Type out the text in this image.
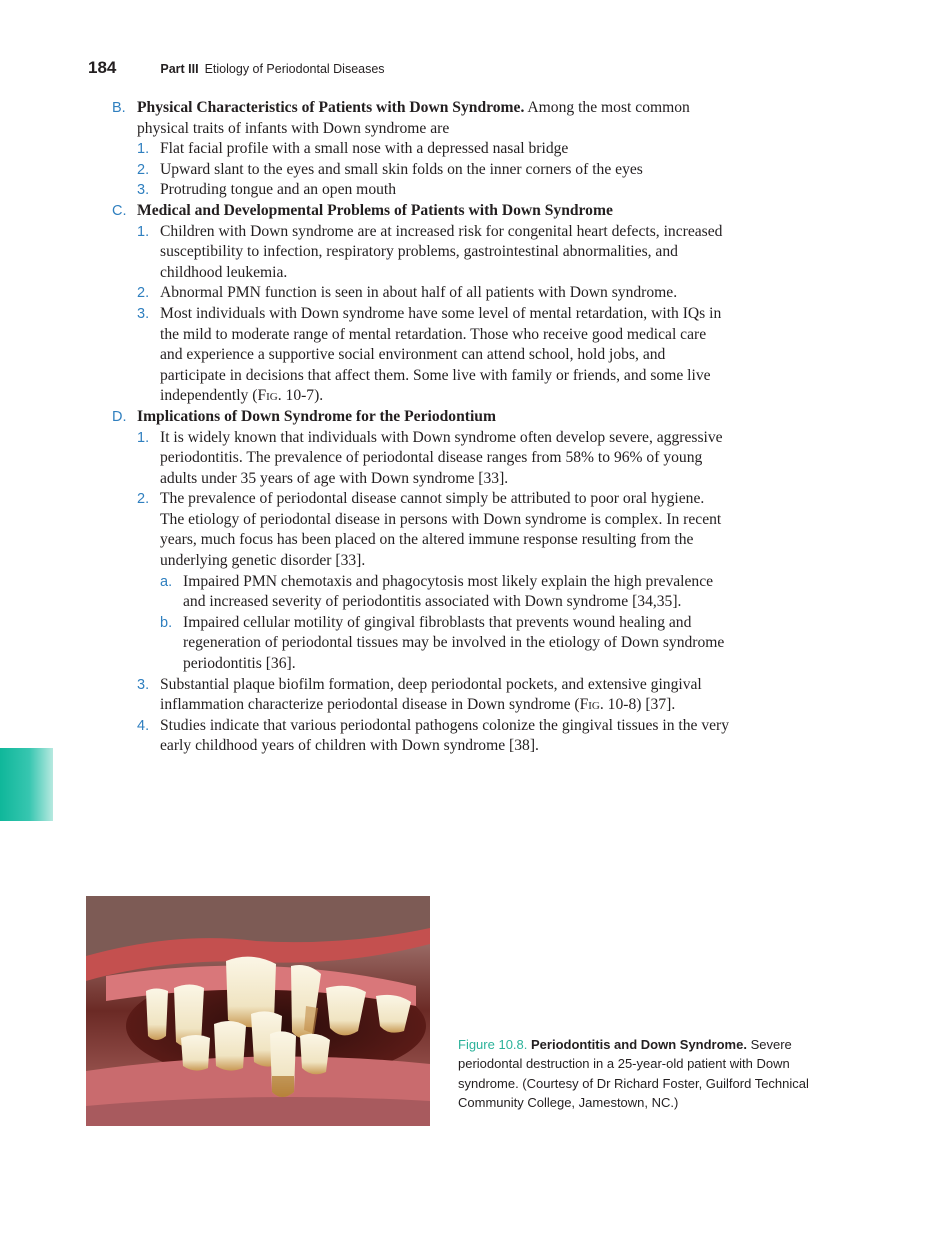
184	Part III Etiology of Periodontal Diseases
B. Physical Characteristics of Patients with Down Syndrome. Among the most common physical traits of infants with Down syndrome are
1. Flat facial profile with a small nose with a depressed nasal bridge
2. Upward slant to the eyes and small skin folds on the inner corners of the eyes
3. Protruding tongue and an open mouth
C. Medical and Developmental Problems of Patients with Down Syndrome
1. Children with Down syndrome are at increased risk for congenital heart defects, increased susceptibility to infection, respiratory problems, gastrointestinal abnormalities, and childhood leukemia.
2. Abnormal PMN function is seen in about half of all patients with Down syndrome.
3. Most individuals with Down syndrome have some level of mental retardation, with IQs in the mild to moderate range of mental retardation. Those who receive good medical care and experience a supportive social environment can attend school, hold jobs, and participate in decisions that affect them. Some live with family or friends, and some live independently (Fig. 10-7).
D. Implications of Down Syndrome for the Periodontium
1. It is widely known that individuals with Down syndrome often develop severe, aggressive periodontitis. The prevalence of periodontal disease ranges from 58% to 96% of young adults under 35 years of age with Down syndrome [33].
2. The prevalence of periodontal disease cannot simply be attributed to poor oral hygiene. The etiology of periodontal disease in persons with Down syndrome is complex. In recent years, much focus has been placed on the altered immune response resulting from the underlying genetic disorder [33].
a. Impaired PMN chemotaxis and phagocytosis most likely explain the high prevalence and increased severity of periodontitis associated with Down syndrome [34,35].
b. Impaired cellular motility of gingival fibroblasts that prevents wound healing and regeneration of periodontal tissues may be involved in the etiology of Down syndrome periodontitis [36].
3. Substantial plaque biofilm formation, deep periodontal pockets, and extensive gingival inflammation characterize periodontal disease in Down syndrome (Fig. 10-8) [37].
4. Studies indicate that various periodontal pathogens colonize the gingival tissues in the very early childhood years of children with Down syndrome [38].
Figure 10.8. Periodontitis and Down Syndrome. Severe periodontal destruction in a 25-year-old patient with Down syndrome. (Courtesy of Dr Richard Foster, Guilford Technical Community College, Jamestown, NC.)
